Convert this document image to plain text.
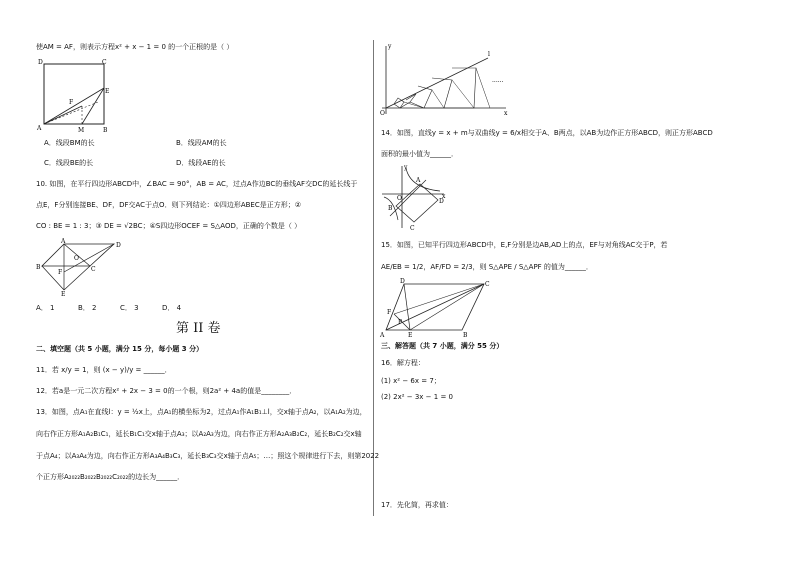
使AM = AF，则表示方程x² + x − 1 = 0 的一个正根的是（ ）
D	C
E
F
A	M	B
A．线段BM的长	B．线段AM的长
C．线段BE的长	D．线段AE的长
10. 如图，在平行四边形ABCD中，∠BAC = 90°，AB = AC，过点A作边BC的垂线AF交DC的延长线于
点E，F分别连接BE、DF，DF交AC于点O．则下列结论：①四边形ABEC是正方形；②
CO : BE = 1 : 3；③ DE = √2BC；④S四边形OCEF = S△AOD，正确的个数是（ ）
A
D
B
F
O
C
E
A． 1	B． 2	C． 3	D． 4
第 II 卷
二、填空题（共 5 小题，满分 15 分，每小题 3 分）
11．若 x/y = 1，则 (x − y)/y = ______．
12．若a是一元二次方程x² + 2x − 3 = 0的一个根，则2a² + 4a的值是________．
13．如图，点A₁在直线l：y = ½x上，点A₁的横坐标为2，过点A₁作A₁B₁⊥l，交x轴于点A₂，以A₁A₂为边，
向右作正方形A₁A₂B₁C₁，延长B₁C₁交x轴于点A₃；以A₂A₃为边，向右作正方形A₂A₃B₂C₂，延长B₂C₂交x轴
于点A₄；以A₃A₄为边，向右作正方形A₃A₄B₃C₃，延长B₃C₃交x轴于点A₅；…；照这个规律进行下去，则第2022
个正方形A₂₀₂₂B₂₀₂₂B₂₀₂₂C₂₀₂₂的边长为______．
l
......
O	x
y
14．如图，直线y = x + m与双曲线y = 6/x相交于A、B两点，以AB为边作正方形ABCD，则正方形ABCD
面积的最小值为______．
y
A
D
O	x
B
C
15．如图，已知平行四边形ABCD中，E,F分别是边AB,AD上的点，EF与对角线AC交于P，若
AE/EB = 1/2，AF/FD = 2/3，则 S△APE / S△APF 的值为______．
D	C
F
P
A	E	B
三、解答题（共 7 小题，满分 55 分）
16．解方程：
(1) x² − 6x = 7；
(2) 2x² − 3x − 1 = 0
17．先化简，再求值：
